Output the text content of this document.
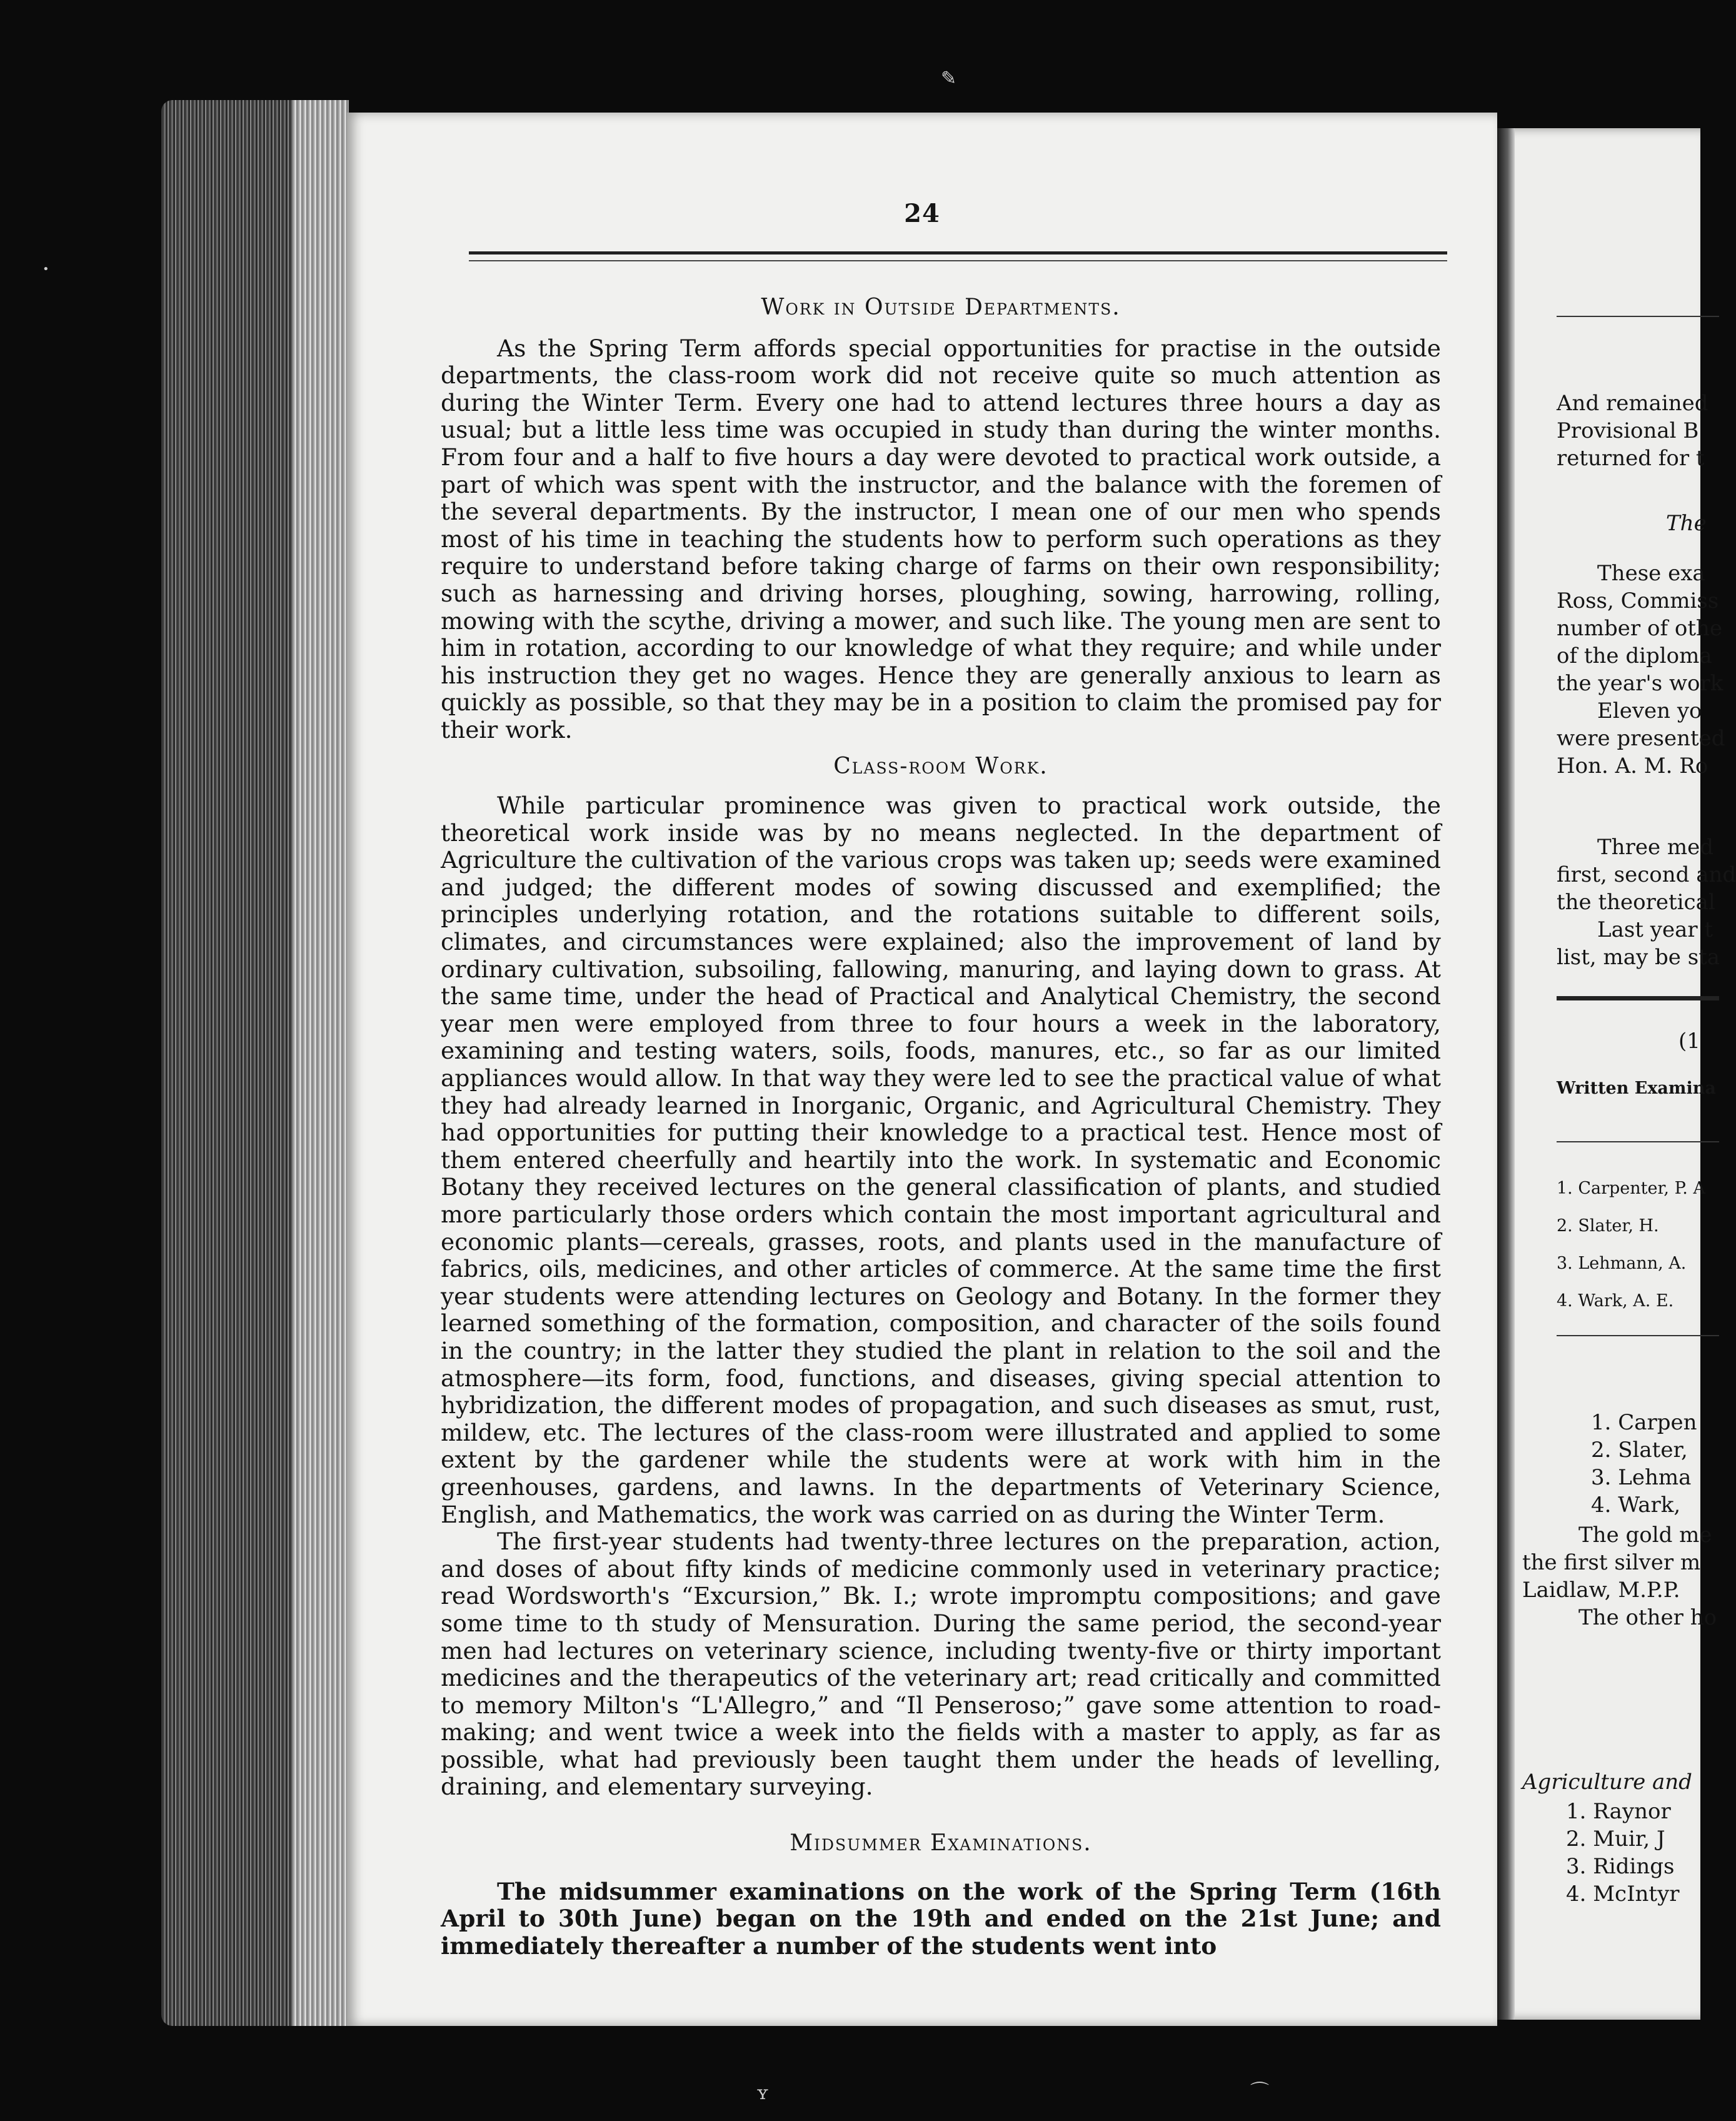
✎
ʏ	⌒
•
24
Work in Outside Departments.

As the Spring Term affords special opportunities for practise in the outside departments, the class-room work did not receive quite so much attention as during the Winter Term. Every one had to attend lectures three hours a day as usual; but a little less time was occupied in study than during the winter months. From four and a half to five hours a day were devoted to practical work outside, a part of which was spent with the instructor, and the balance with the foremen of the several departments. By the instructor, I mean one of our men who spends most of his time in teaching the students how to perform such operations as they require to understand before taking charge of farms on their own responsibility; such as harnessing and driving horses, ploughing, sowing, harrowing, rolling, mowing with the scythe, driving a mower, and such like. The young men are sent to him in rotation, according to our knowledge of what they require; and while under his instruction they get no wages. Hence they are generally anxious to learn as quickly as possible, so that they may be in a position to claim the promised pay for their work.

Class-room Work.

While particular prominence was given to practical work outside, the theoretical work inside was by no means neglected. In the department of Agriculture the cultivation of the various crops was taken up; seeds were examined and judged; the different modes of sowing discussed and exemplified; the principles underlying rotation, and the rotations suitable to different soils, climates, and circumstances were explained; also the improvement of land by ordinary cultivation, subsoiling, fallowing, manuring, and laying down to grass. At the same time, under the head of Practical and Analytical Chemistry, the second year men were employed from three to four hours a week in the laboratory, examining and testing waters, soils, foods, manures, etc., so far as our limited appliances would allow. In that way they were led to see the practical value of what they had already learned in Inorganic, Organic, and Agricultural Chemistry. They had opportunities for putting their knowledge to a practical test. Hence most of them entered cheerfully and heartily into the work. In systematic and Economic Botany they received lectures on the general classification of plants, and studied more particularly those orders which contain the most important agricultural and economic plants—cereals, grasses, roots, and plants used in the manufacture of fabrics, oils, medicines, and other articles of commerce. At the same time the first year students were attending lectures on Geology and Botany. In the former they learned something of the formation, composition, and character of the soils found in the country; in the latter they studied the plant in relation to the soil and the atmosphere—its form, food, functions, and diseases, giving special attention to hybridization, the different modes of propagation, and such diseases as smut, rust, mildew, etc. The lectures of the class-room were illustrated and applied to some extent by the gardener while the students were at work with him in the greenhouses, gardens, and lawns. In the departments of Veterinary Science, English, and Mathematics, the work was carried on as during the Winter Term.

The first-year students had twenty-three lectures on the preparation, action, and doses of about fifty kinds of medicine commonly used in veterinary practice; read Wordsworth's “Excursion,” Bk. I.; wrote impromptu compositions; and gave some time to th study of Mensuration. During the same period, the second-year men had lectures on veterinary science, including twenty-five or thirty important medicines and the therapeutics of the veterinary art; read critically and committed to memory Milton's “L'Allegro,” and “Il Penseroso;” gave some attention to road-making; and went twice a week into the fields with a master to apply, as far as possible, what had previously been taught them under the heads of levelling, draining, and elementary surveying.

Midsummer Examinations.

The midsummer examinations on the work of the Spring Term (16th April to 30th June) began on the 19th and ended on the 21st June; and immediately thereafter a number of the students went into

And remained
Provisional B
returned for t
The
These exa
Ross, Commiss
number of othe
of the diploma
the year's work
Eleven yo
were presented
Hon. A. M. Ro
Three med
first, second and
the theoretical
Last year t
list, may be sta
(1
Written Examina
1. Carpenter, P. A
2. Slater, H.
3. Lehmann, A.
4. Wark, A. E.
1. Carpen
2. Slater,
3. Lehma
4. Wark,
The gold me
the first silver m
Laidlaw, M.P.P.
The other ho
Agriculture and
1. Raynor
2. Muir, J
3. Ridings
4. McIntyr
